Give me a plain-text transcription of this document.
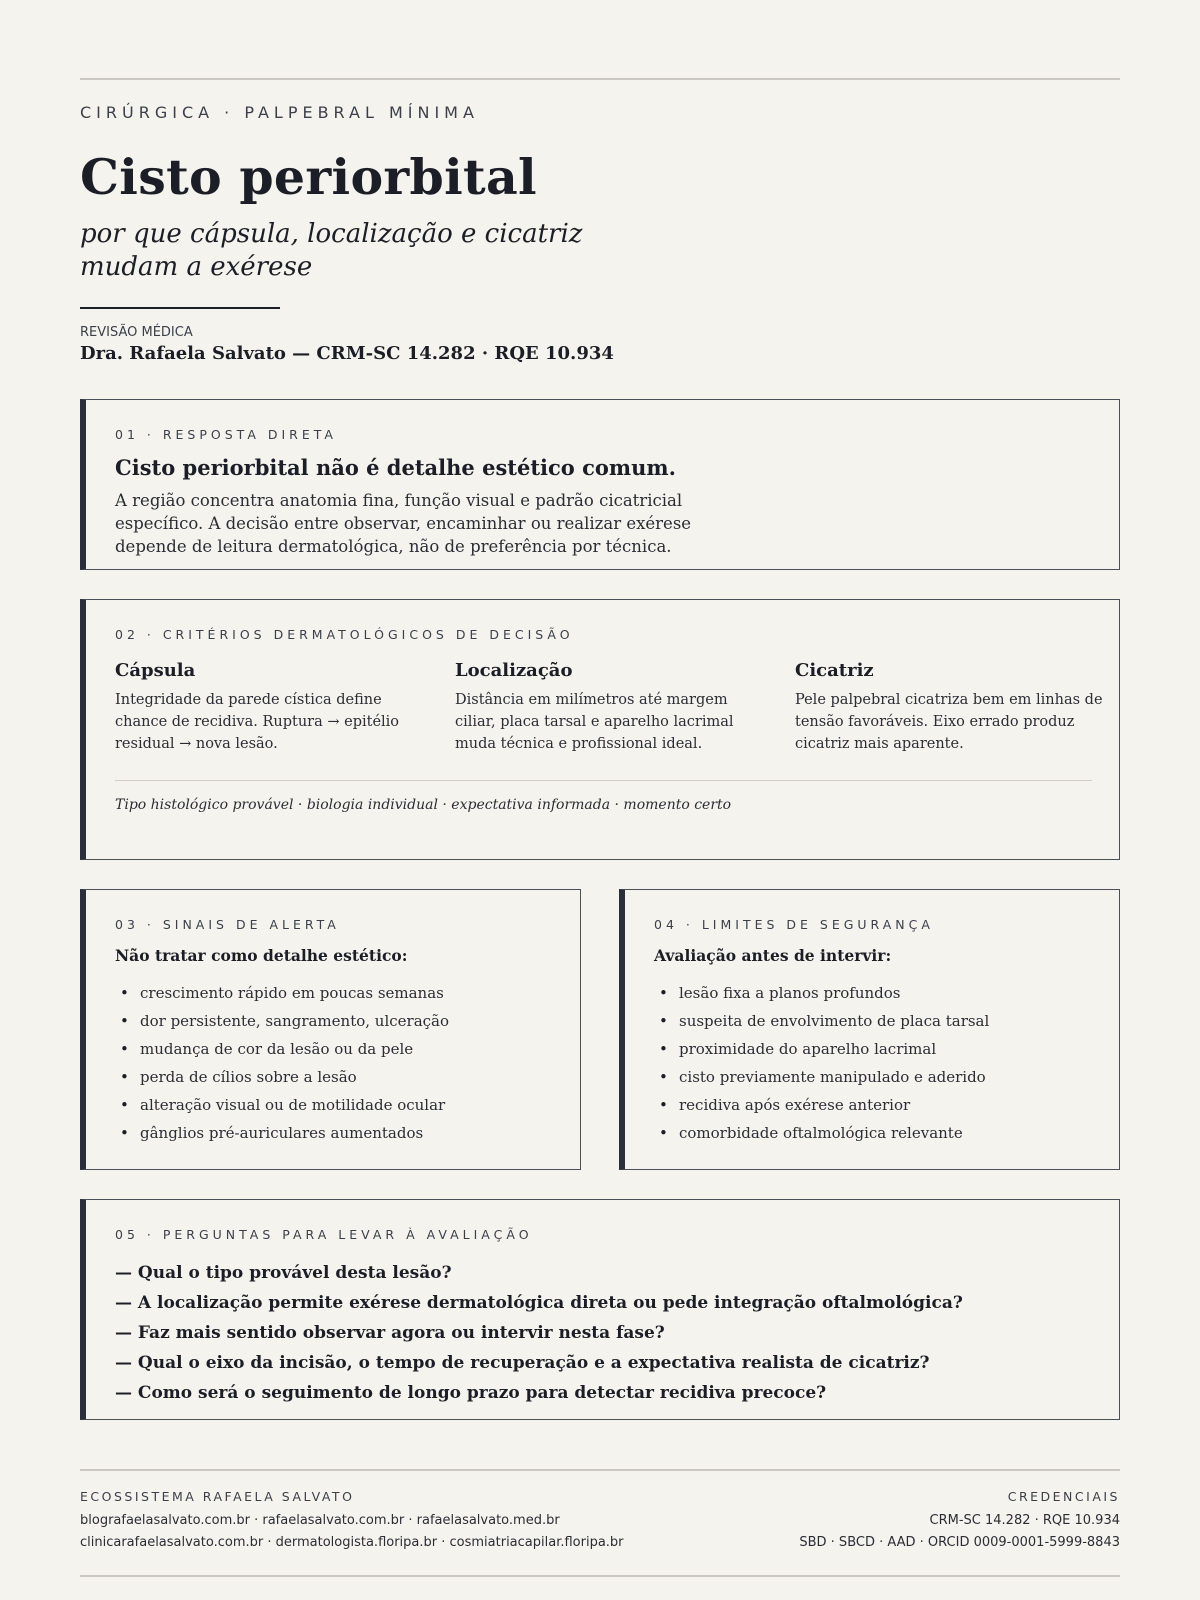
CIRÚRGICA · PALPEBRAL MÍNIMA
Cisto periorbital

por que cápsula, localização e cicatriz mudam a exérese

REVISÃO MÉDICA
Dra. Rafaela Salvato — CRM-SC 14.282 · RQE 10.934
01 · RESPOSTA DIRETA
Cisto periorbital não é detalhe estético comum.

A região concentra anatomia fina, função visual e padrão cicatricial específico. A decisão entre observar, encaminhar ou realizar exérese depende de leitura dermatológica, não de preferência por técnica.

02 · CRITÉRIOS DERMATOLÓGICOS DE DECISÃO
Cápsula

Integridade da parede cística define chance de recidiva. Ruptura → epitélio residual → nova lesão.

Localização

Distância em milímetros até margem ciliar, placa tarsal e aparelho lacrimal muda técnica e profissional ideal.

Cicatriz

Pele palpebral cicatriza bem em linhas de tensão favoráveis. Eixo errado produz cicatriz mais aparente.

Tipo histológico provável · biologia individual · expectativa informada · momento certo
03 · SINAIS DE ALERTA
Não tratar como detalhe estético:
• crescimento rápido em poucas semanas
• dor persistente, sangramento, ulceração
• mudança de cor da lesão ou da pele
• perda de cílios sobre a lesão
• alteração visual ou de motilidade ocular
• gânglios pré-auriculares aumentados
04 · LIMITES DE SEGURANÇA
Avaliação antes de intervir:
• lesão fixa a planos profundos
• suspeita de envolvimento de placa tarsal
• proximidade do aparelho lacrimal
• cisto previamente manipulado e aderido
• recidiva após exérese anterior
• comorbidade oftalmológica relevante
05 · PERGUNTAS PARA LEVAR À AVALIAÇÃO
— Qual o tipo provável desta lesão?
— A localização permite exérese dermatológica direta ou pede integração oftalmológica?
— Faz mais sentido observar agora ou intervir nesta fase?
— Qual o eixo da incisão, o tempo de recuperação e a expectativa realista de cicatriz?
— Como será o seguimento de longo prazo para detectar recidiva precoce?
ECOSSISTEMA RAFAELA SALVATO
blografaelasalvato.com.br · rafaelasalvato.com.br · rafaelasalvato.med.br
clinicarafaelasalvato.com.br · dermatologista.floripa.br · cosmiatriacapilar.floripa.br
CREDENCIAIS
CRM-SC 14.282 · RQE 10.934
SBD · SBCD · AAD · ORCID 0009-0001-5999-8843
